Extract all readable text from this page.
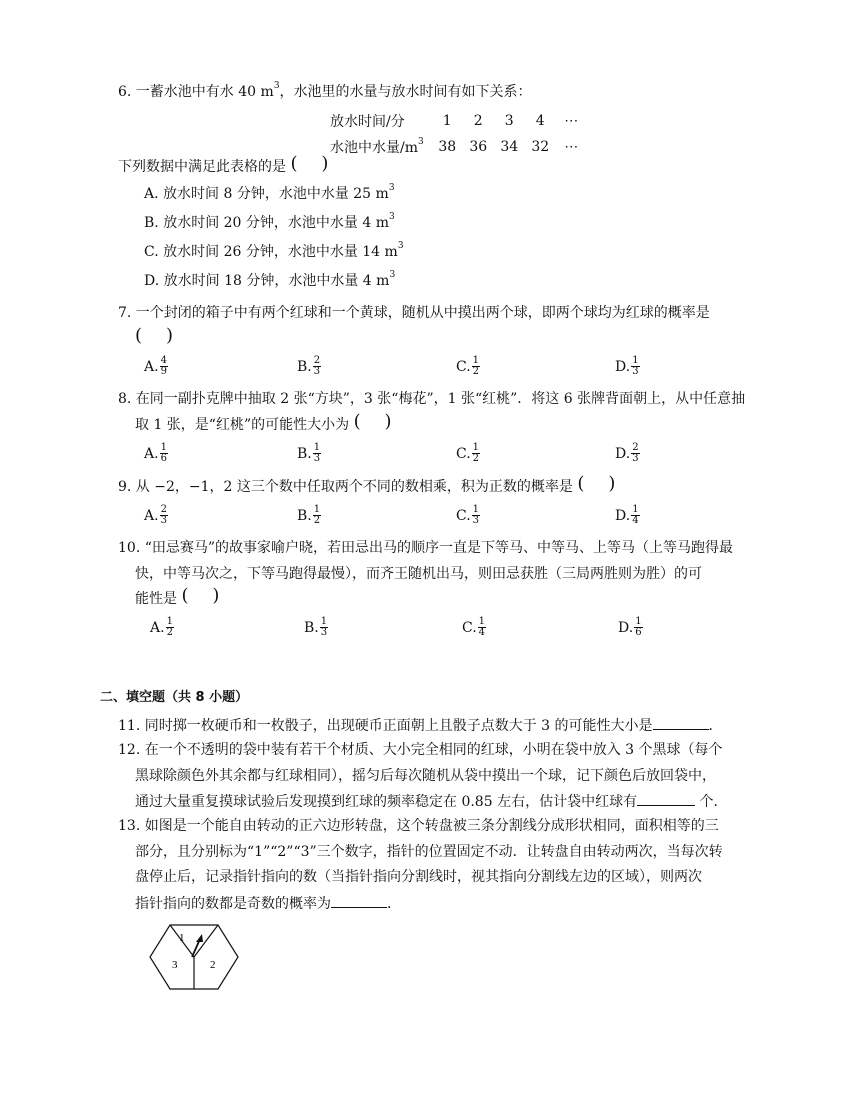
6. 一蓄水池中有水 40 $m^3$，水池里的水量与放水时间有如下关系：
放水时间/分	1	2	3	4	⋯
水池中水量$/m^3$	38	36	34	32	⋯
下列数据中满足此表格的是 (   )
A. 放水时间 8 分钟，水池中水量 25 $m^3$
B. 放水时间 20 分钟，水池中水量 4 $m^3$
C. 放水时间 26 分钟，水池中水量 14 $m^3$
D. 放水时间 18 分钟，水池中水量 4 $m^3$
7. 一个封闭的箱子中有两个红球和一个黄球，随机从中摸出两个球，即两个球均为红球的概率是
(   )
A. $\frac{4}{9}$	B. $\frac{2}{3}$	C. $\frac{1}{2}$	D. $\frac{1}{3}$
8. 在同一副扑克牌中抽取 2 张“方块”，3 张“梅花”，1 张“红桃”．将这 6 张牌背面朝上，从中任意抽
取 1 张，是“红桃”的可能性大小为 (   )
A. $\frac{1}{6}$	B. $\frac{1}{3}$	C. $\frac{1}{2}$	D. $\frac{2}{3}$
9. 从 −2，−1，2 这三个数中任取两个不同的数相乘，积为正数的概率是 (   )
A. $\frac{2}{3}$	B. $\frac{1}{2}$	C. $\frac{1}{3}$	D. $\frac{1}{4}$
10. “田忌赛马”的故事家喻户晓，若田忌出马的顺序一直是下等马、中等马、上等马（上等马跑得最
快，中等马次之，下等马跑得最慢），而齐王随机出马，则田忌获胜（三局两胜则为胜）的可
能性是 (   )
A. $\frac{1}{2}$	B. $\frac{1}{3}$	C. $\frac{1}{4}$	D. $\frac{1}{6}$
二、填空题（共 8 小题）
11. 同时掷一枚硬币和一枚骰子，出现硬币正面朝上且骰子点数大于 3 的可能性大小是	．
12. 在一个不透明的袋中装有若干个材质、大小完全相同的红球，小明在袋中放入 3 个黑球（每个
黑球除颜色外其余都与红球相同），摇匀后每次随机从袋中摸出一个球，记下颜色后放回袋中，
通过大量重复摸球试验后发现摸到红球的频率稳定在 0.85 左右，估计袋中红球有	个．
13. 如图是一个能自由转动的正六边形转盘，这个转盘被三条分割线分成形状相同，面积相等的三
部分，且分别标为“1”“2”“3”三个数字，指针的位置固定不动．让转盘自由转动两次，当每次转
盘停止后，记录指针指向的数（当指针指向分割线时，视其指向分割线左边的区域），则两次
指针指向的数都是奇数的概率为	．
1
2
3
